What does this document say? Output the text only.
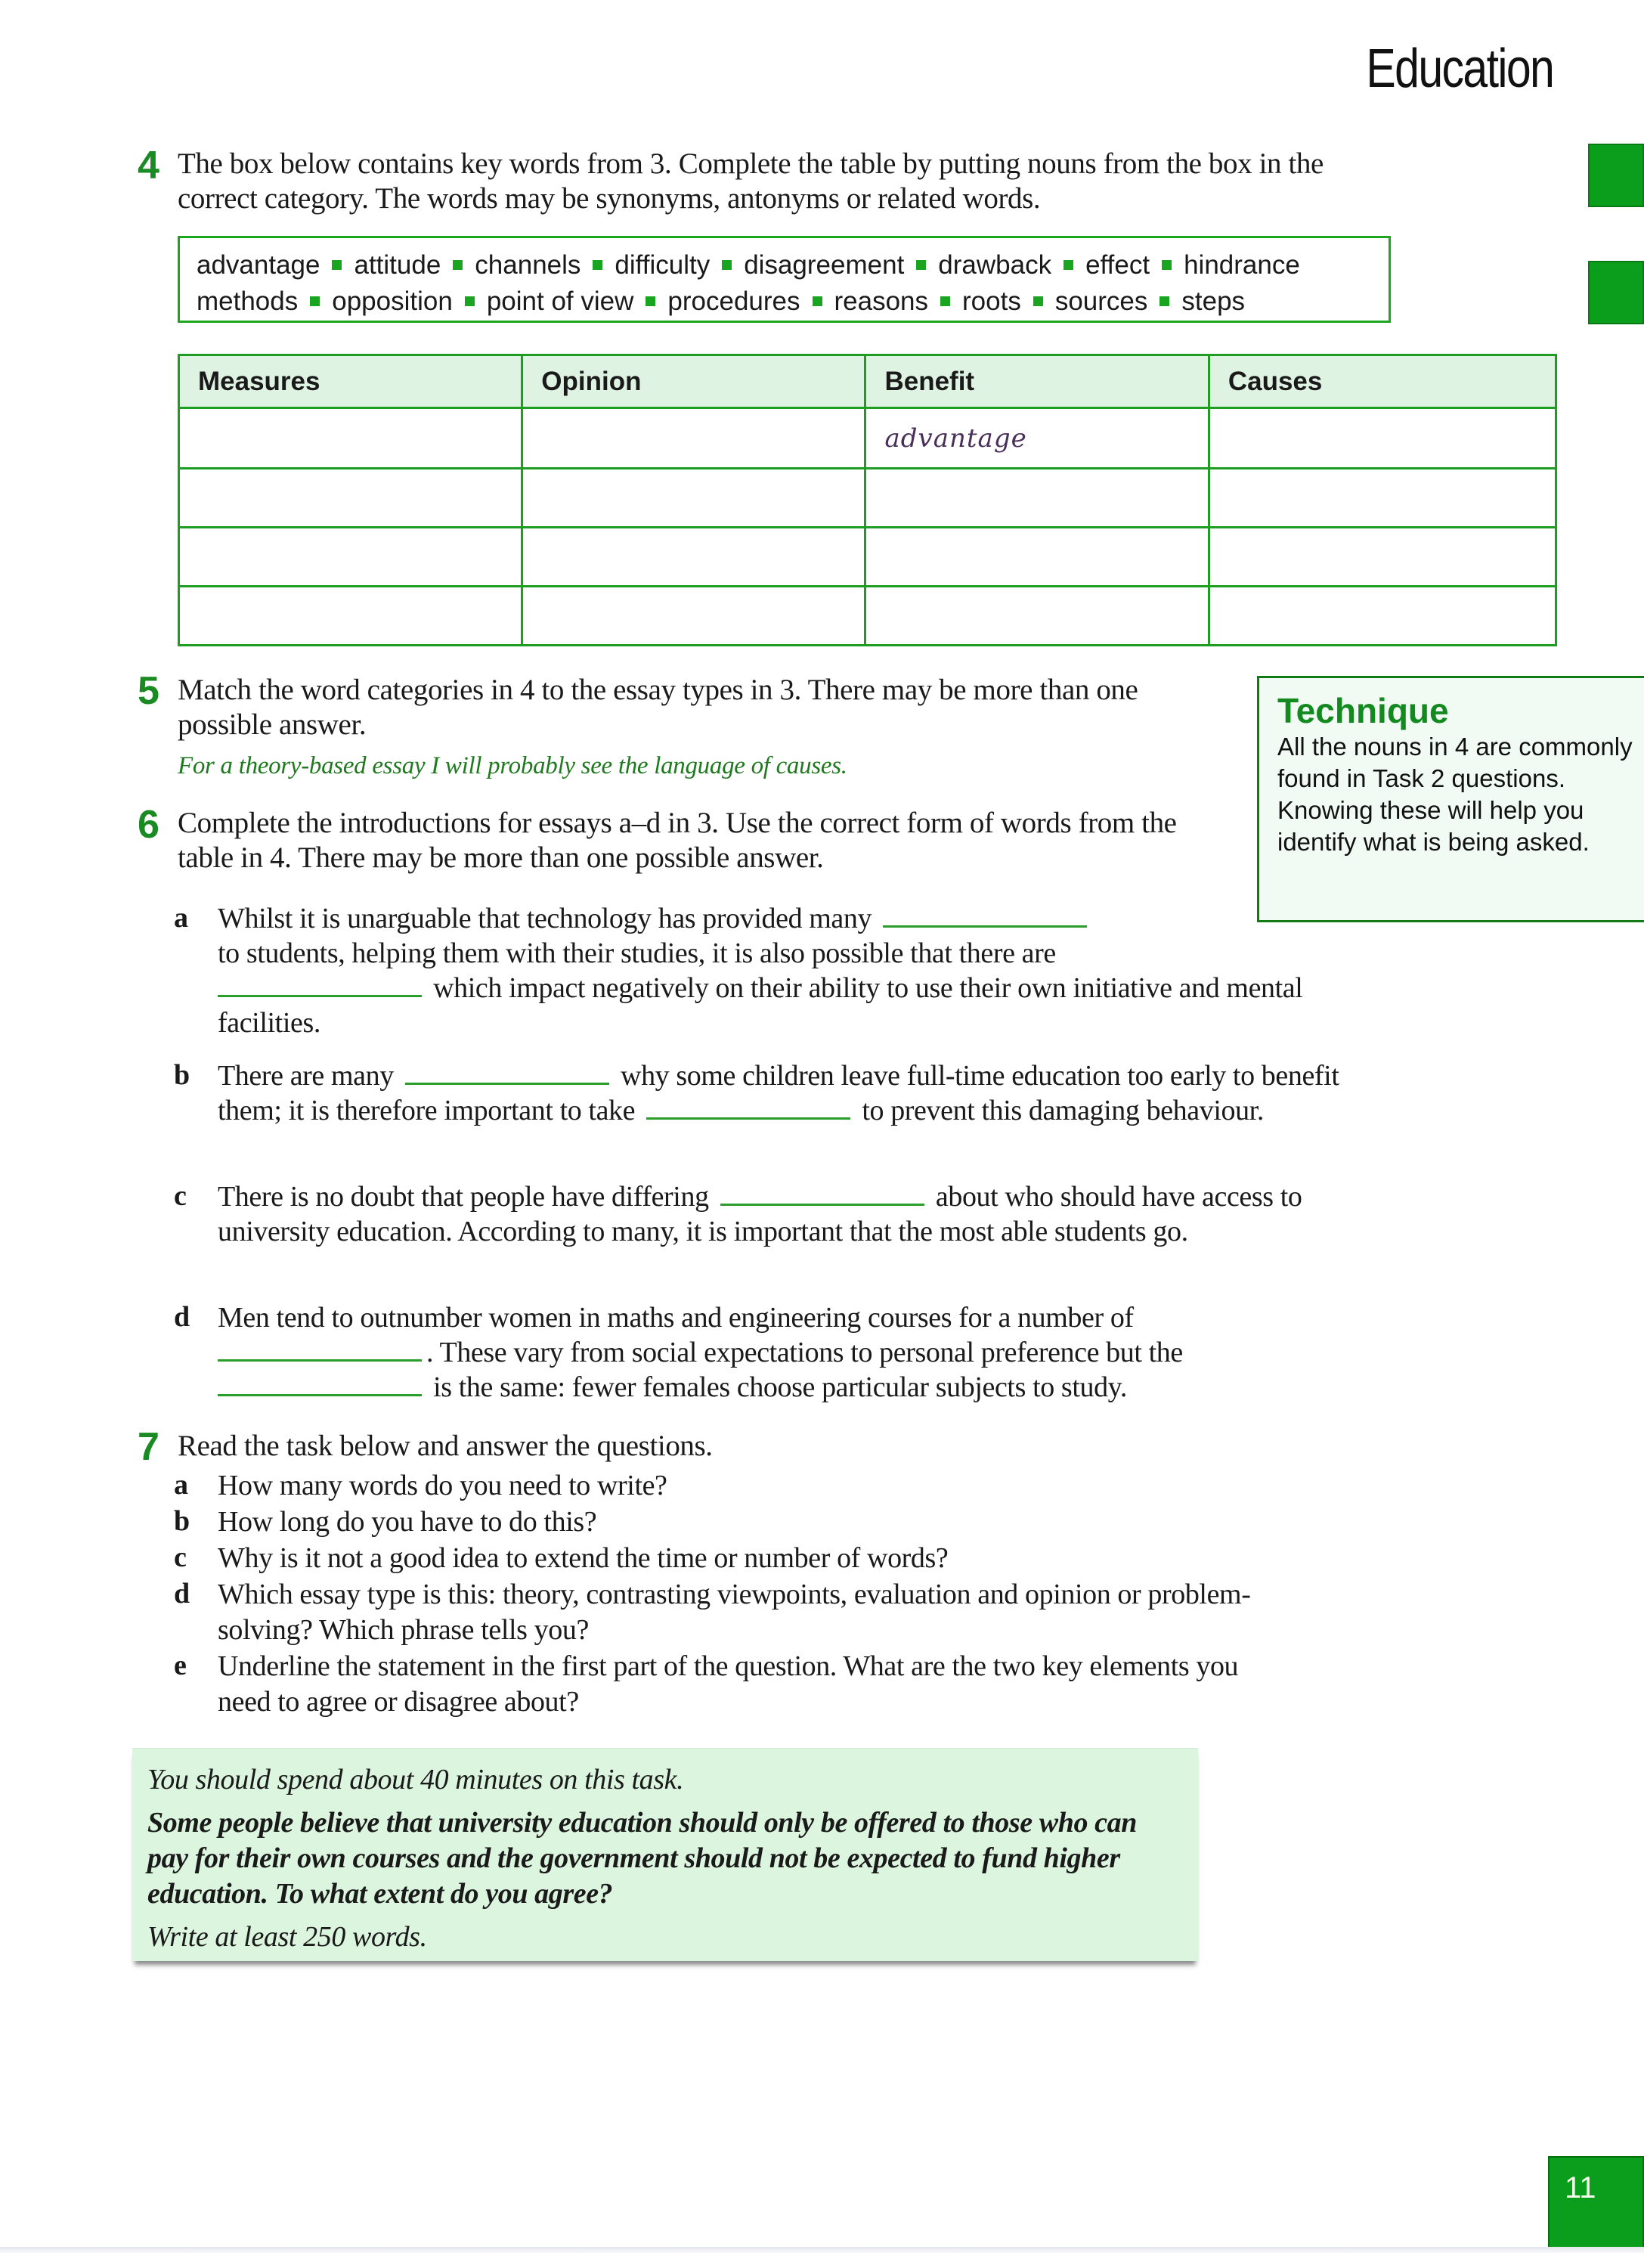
Education
4 The box below contains key words from 3. Complete the table by putting nouns from the box in the correct category. The words may be synonyms, antonyms or related words.
advantage attitude channels difficulty disagreement drawback effect hindrance
methods opposition point of view procedures reasons roots sources steps
Measures	Opinion	Benefit	Causes
		advantage	

5 Match the word categories in 4 to the essay types in 3. There may be more than one possible answer.
For a theory-based essay I will probably see the language of causes.
Technique
All the nouns in 4 are commonly found in Task 2 questions. Knowing these will help you identify what is being asked.
6 Complete the introductions for essays a–d in 3. Use the correct form of words from the table in 4. There may be more than one possible answer.
a Whilst it is unarguable that technology has provided many
to students, helping them with their studies, it is also possible that there are
which impact negatively on their ability to use their own initiative and mental facilities.
b There are many	why some children leave full-time education too early to benefit them; it is therefore important to take	to prevent this damaging behaviour.
c There is no doubt that people have differing	about who should have access to university education. According to many, it is important that the most able students go.
d Men tend to outnumber women in maths and engineering courses for a number of
. These vary from social expectations to personal preference but the
is the same: fewer females choose particular subjects to study.
7 Read the task below and answer the questions.
a How many words do you need to write?
b How long do you have to do this?
c Why is it not a good idea to extend the time or number of words?
d Which essay type is this: theory, contrasting viewpoints, evaluation and opinion or problem-solving? Which phrase tells you?
e Underline the statement in the first part of the question. What are the two key elements you need to agree or disagree about?

You should spend about 40 minutes on this task.

Some people believe that university education should only be offered to those who can pay for their own courses and the government should not be expected to fund higher education. To what extent do you agree?

Write at least 250 words.

11
